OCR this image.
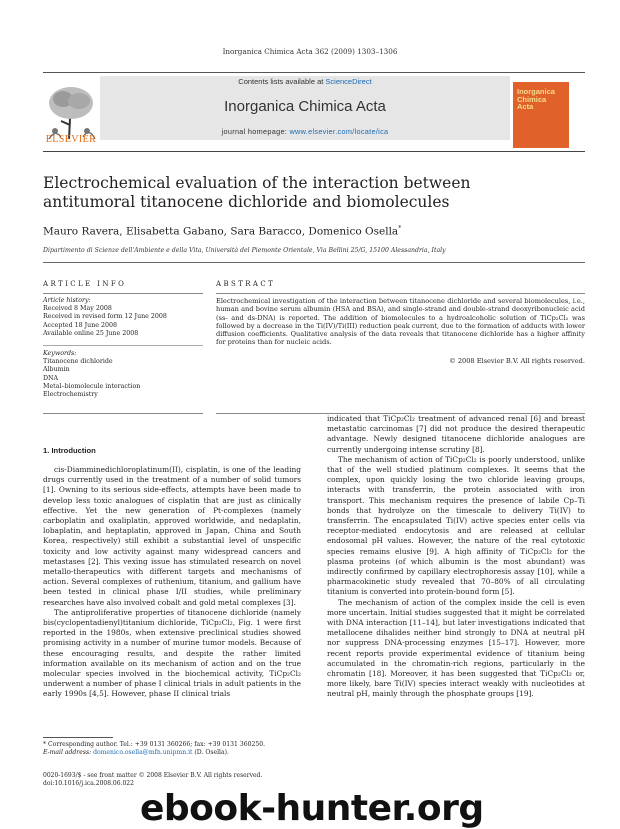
Inorganica Chimica Acta 362 (2009) 1303–1306
ELSEVIER
Contents lists available at ScienceDirect
Inorganica Chimica Acta
journal homepage: www.elsevier.com/locate/ica
Inorganica
Chimica
Acta
Electrochemical evaluation of the interaction between antitumoral titanocene dichloride and biomolecules
Mauro Ravera, Elisabetta Gabano, Sara Baracco, Domenico Osella*
Dipartimento di Scienze dell'Ambiente e della Vita, Università del Piemonte Orientale, Via Bellini 25/G, 15100 Alessandria, Italy
ARTICLE INFO	ABSTRACT
Article history:
Received 8 May 2008
Received in revised form 12 June 2008
Accepted 18 June 2008
Available online 25 June 2008
Keywords:
Titanocene dichloride
Albumin
DNA
Metal–biomolecule interaction
Electrochemistry
Electrochemical investigation of the interaction between titanocene dichloride and several biomolecules, i.e., human and bovine serum albumin (HSA and BSA), and single-strand and double-strand deoxyribonucleic acid (ss- and ds-DNA) is reported. The addition of biomolecules to a hydroalcoholic solution of TiCp₂Cl₂ was followed by a decrease in the Ti(IV)/Ti(III) reduction peak current, due to the formation of adducts with lower diffusion coefficients. Qualitative analysis of the data reveals that titanocene dichloride has a higher affinity for proteins than for nucleic acids.
© 2008 Elsevier B.V. All rights reserved.
1. Introduction

cis-Diamminedichloroplatinum(II), cisplatin, is one of the leading drugs currently used in the treatment of a number of solid tumors [1]. Owning to its serious side-effects, attempts have been made to develop less toxic analogues of cisplatin that are just as clinically effective. Yet the new generation of Pt-complexes (namely carboplatin and oxaliplatin, approved worldwide, and nedaplatin, lobaplatin, and heptaplatin, approved in Japan, China and South Korea, respectively) still exhibit a substantial level of unspecific toxicity and low activity against many widespread cancers and metastases [2]. This vexing issue has stimulated research on novel metallo-therapeutics with different targets and mechanisms of action. Several complexes of ruthenium, titanium, and gallium have been tested in clinical phase I/II studies, while preliminary researches have also involved cobalt and gold metal complexes [3].

The antiproliferative properties of titanocene dichloride (namely bis(cyclopentadienyl)titanium dichloride, TiCp₂Cl₂, Fig. 1 were first reported in the 1980s, when extensive preclinical studies showed promising activity in a number of murine tumor models. Because of these encouraging results, and despite the rather limited information available on its mechanism of action and on the true molecular species involved in the biochemical activity, TiCp₂Cl₂ underwent a number of phase I clinical trials in adult patients in the early 1990s [4,5]. However, phase II clinical trials

indicated that TiCp₂Cl₂ treatment of advanced renal [6] and breast metastatic carcinomas [7] did not produce the desired therapeutic advantage. Newly designed titanocene dichloride analogues are currently undergoing intense scrutiny [8].

The mechanism of action of TiCp₂Cl₂ is poorly understood, unlike that of the well studied platinum complexes. It seems that the complex, upon quickly losing the two chloride leaving groups, interacts with transferrin, the protein associated with iron transport. This mechanism requires the presence of labile Cp–Ti bonds that hydrolyze on the timescale to delivery Ti(IV) to transferrin. The encapsulated Ti(IV) active species enter cells via receptor-mediated endocytosis and are released at cellular endosomal pH values. However, the nature of the real cytotoxic species remains elusive [9]. A high affinity of TiCp₂Cl₂ for the plasma proteins (of which albumin is the most abundant) was indirectly confirmed by capillary electrophoresis assay [10], while a pharmacokinetic study revealed that 70–80% of all circulating titanium is converted into protein-bound form [5].

The mechanism of action of the complex inside the cell is even more uncertain. Initial studies suggested that it might be correlated with DNA interaction [11–14], but later investigations indicated that metallocene dihalides neither bind strongly to DNA at neutral pH nor suppress DNA-processing enzymes [15–17]. However, more recent reports provide experimental evidence of titanium being accumulated in the chromatin-rich regions, particularly in the chromatin [18]. Moreover, it has been suggested that TiCp₂Cl₂ or, more likely, bare Ti(IV) species interact weakly with nucleotides at neutral pH, mainly through the phosphate groups [19].

* Corresponding author. Tel.: +39 0131 360266; fax: +39 0131 360250.
E-mail address: domenico.osella@mfn.unipmn.it (D. Osella).
0020-1693/$ - see front matter © 2008 Elsevier B.V. All rights reserved.
doi:10.1016/j.ica.2008.06.022
ebook-hunter.org
